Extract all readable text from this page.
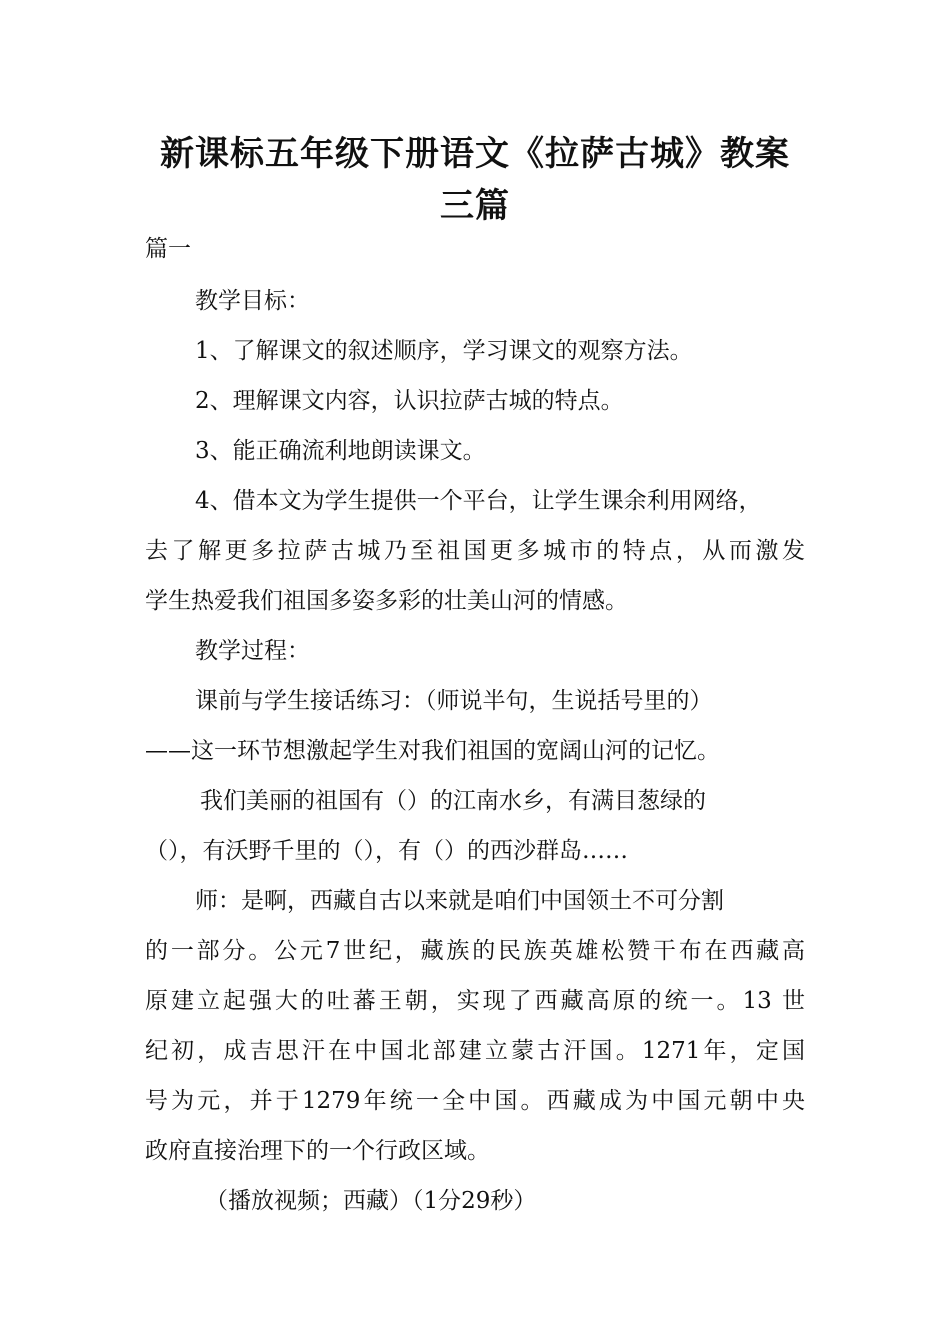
新课标五年级下册语文《拉萨古城》教案
三篇
篇一
教学目标：
1、了解课文的叙述顺序，学习课文的观察方法。
2、理解课文内容，认识拉萨古城的特点。
3、能正确流利地朗读课文。
4、借本文为学生提供一个平台，让学生课余利用网络，
去了解更多拉萨古城乃至祖国更多城市的特点，从而激发
学生热爱我们祖国多姿多彩的壮美山河的情感。
教学过程：
课前与学生接话练习：（师说半句，生说括号里的）
——这一环节想激起学生对我们祖国的宽阔山河的记忆。
我们美丽的祖国有（）的江南水乡，有满目葱绿的
（），有沃野千里的（），有（）的西沙群岛……
师：是啊，西藏自古以来就是咱们中国领土不可分割
的一部分。公元7世纪，藏族的民族英雄松赞干布在西藏高
原建立起强大的吐蕃王朝，实现了西藏高原的统一。13 世
纪初，成吉思汗在中国北部建立蒙古汗国。1271年，定国
号为元，并于1279年统一全中国。西藏成为中国元朝中央
政府直接治理下的一个行政区域。
（播放视频；西藏）（1分29秒）
